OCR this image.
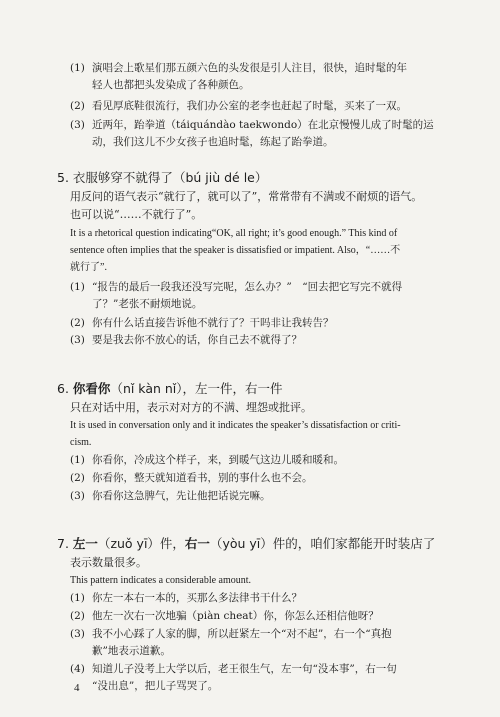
(1) 演唱会上歌星们那五颜六色的头发很是引人注目，很快，追时髦的年
轻人也都把头发染成了各种颜色。
(2) 看见厚底鞋很流行，我们办公室的老李也赶起了时髦，买来了一双。
(3) 近两年，跆拳道（táiquándào taekwondo）在北京慢慢儿成了时髦的运
动，我们这儿不少女孩子也追时髦，练起了跆拳道。
5. 衣服够穿不就得了（bú jiù dé le）
用反问的语气表示“就行了，就可以了”，常常带有不满或不耐烦的语气。
也可以说“……不就行了”。
It is a rhetorical question indicating“OK, all right; it’s good enough.” This kind of
sentence often implies that the speaker is dissatisfied or impatient. Also，“……不
就行了”.
(1) “报告的最后一段我还没写完呢，怎么办？”　“回去把它写完不就得
了？”老张不耐烦地说。
(2) 你有什么话直接告诉他不就行了？干吗非让我转告？
(3) 要是我去你不放心的话，你自己去不就得了？
6. 你看你（nǐ kàn nǐ），左一件，右一件
只在对话中用，表示对对方的不满、埋怨或批评。
It is used in conversation only and it indicates the speaker’s dissatisfaction or criti-
cism.
(1) 你看你，冷成这个样子，来，到暖气这边儿暖和暖和。
(2) 你看你，整天就知道看书，别的事什么也不会。
(3) 你看你这急脾气，先让他把话说完嘛。
7. 左一（zuǒ yī）件，右一（yòu yī）件的，咱们家都能开时装店了
表示数量很多。
This pattern indicates a considerable amount.
(1) 你左一本右一本的，买那么多法律书干什么？
(2) 他左一次右一次地骗（piàn cheat）你，你怎么还相信他呀？
(3) 我不小心踩了人家的脚，所以赶紧左一个“对不起”，右一个“真抱
歉”地表示道歉。
(4) 知道儿子没考上大学以后，老王很生气，左一句“没本事”，右一句
“没出息”，把儿子骂哭了。
4
